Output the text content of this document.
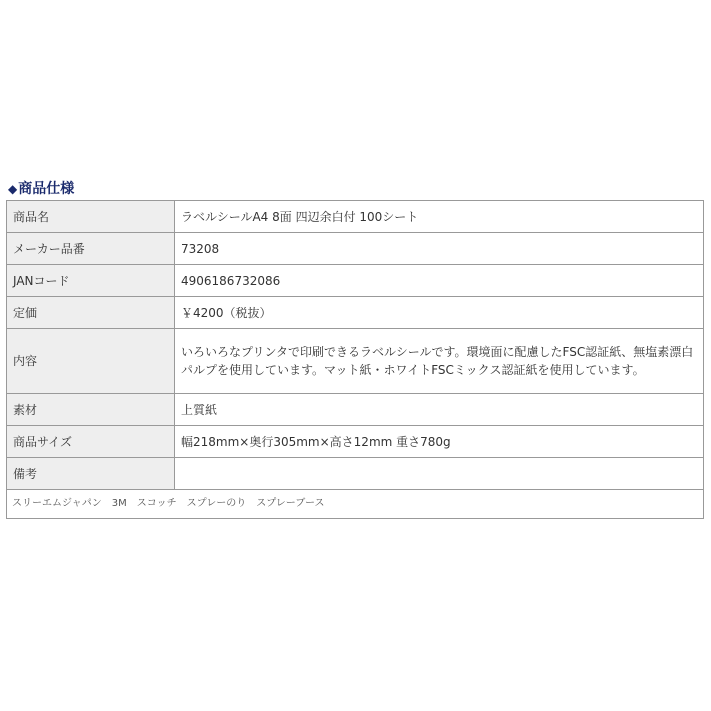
◆商品仕様
商品名	ラベルシールA4 8面 四辺余白付 100シート
メーカー品番	73208
JANコード	4906186732086
定価	￥4200（税抜）
内容	いろいろなプリンタで印刷できるラベルシールです。環境面に配慮したFSC認証紙、無塩素漂白パルプを使用しています。マット紙・ホワイトFSCミックス認証紙を使用しています。
素材	上質紙
商品サイズ	幅218mm×奥行305mm×高さ12mm 重さ780g
備考	
スリーエムジャパン　3M　スコッチ　スプレーのり　スプレーブース	
